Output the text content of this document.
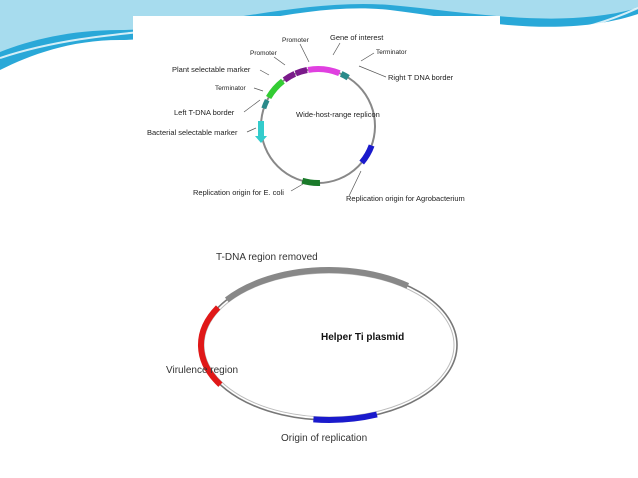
Wide-host-range replicon
Promoter	Gene of interest
Promoter	Terminator
Plant selectable marker
Right T DNA border
Terminator
Left T-DNA border
Bacterial selectable marker
Replication origin for E. coli
Replication origin for Agrobacterium
Helper Ti plasmid
T-DNA region removed
Virulence region
Origin of replication
